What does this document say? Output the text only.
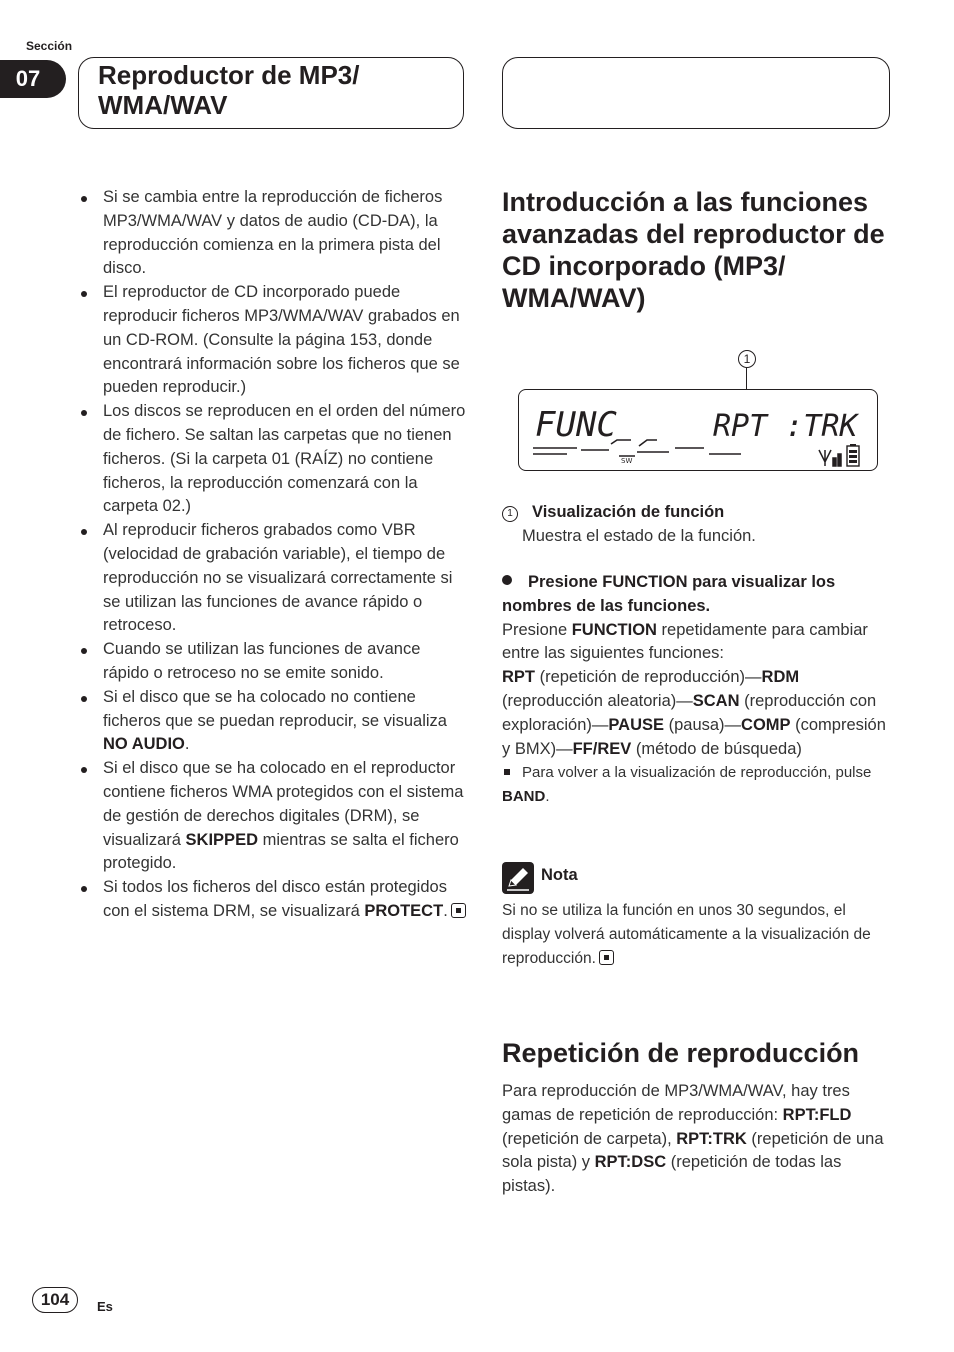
Sección
07	Reproductor de MP3/ WMA/WAV
Si se cambia entre la reproducción de ficheros MP3/WMA/WAV y datos de audio (CD-DA), la reproducción comienza en la primera pista del disco.
El reproductor de CD incorporado puede reproducir ficheros MP3/WMA/WAV grabados en un CD-ROM. (Consulte la página 153, donde encontrará información sobre los ficheros que se pueden reproducir.)
Los discos se reproducen en el orden del número de fichero. Se saltan las carpetas que no tienen ficheros. (Si la carpeta 01 (RAÍZ) no contiene ficheros, la reproducción comenzará con la carpeta 02.)
Al reproducir ficheros grabados como VBR (velocidad de grabación variable), el tiempo de reproducción no se visualizará correctamente si se utilizan las funciones de avance rápido o retroceso.
Cuando se utilizan las funciones de avance rápido o retroceso no se emite sonido.
Si el disco que se ha colocado no contiene ficheros que se puedan reproducir, se visualiza NO AUDIO.
Si el disco que se ha colocado en el reproductor contiene ficheros WMA protegidos con el sistema de gestión de derechos digitales (DRM), se visualizará SKIPPED mientras se salta el fichero protegido.
Si todos los ficheros del disco están protegidos con el sistema DRM, se visualizará PROTECT.
Introducción a las funciones avanzadas del reproductor de CD incorporado (MP3/ WMA/WAV)
1
FUNC	RPT :TRK
SW
1 Visualización de función
Muestra el estado de la función.
Presione FUNCTION para visualizar los nombres de las funciones.
Presione FUNCTION repetidamente para cambiar entre las siguientes funciones:
RPT (repetición de reproducción)—RDM (reproducción aleatoria)—SCAN (reproducción con exploración)—PAUSE (pausa)—COMP (compresión y BMX)—FF/REV (método de búsqueda)
Para volver a la visualización de reproducción, pulse BAND.
Nota
Si no se utiliza la función en unos 30 segundos, el display volverá automáticamente a la visualización de reproducción.
Repetición de reproducción
Para reproducción de MP3/WMA/WAV, hay tres gamas de repetición de reproducción: RPT:FLD (repetición de carpeta), RPT:TRK (repetición de una sola pista) y RPT:DSC (repetición de todas las pistas).
104	Es
